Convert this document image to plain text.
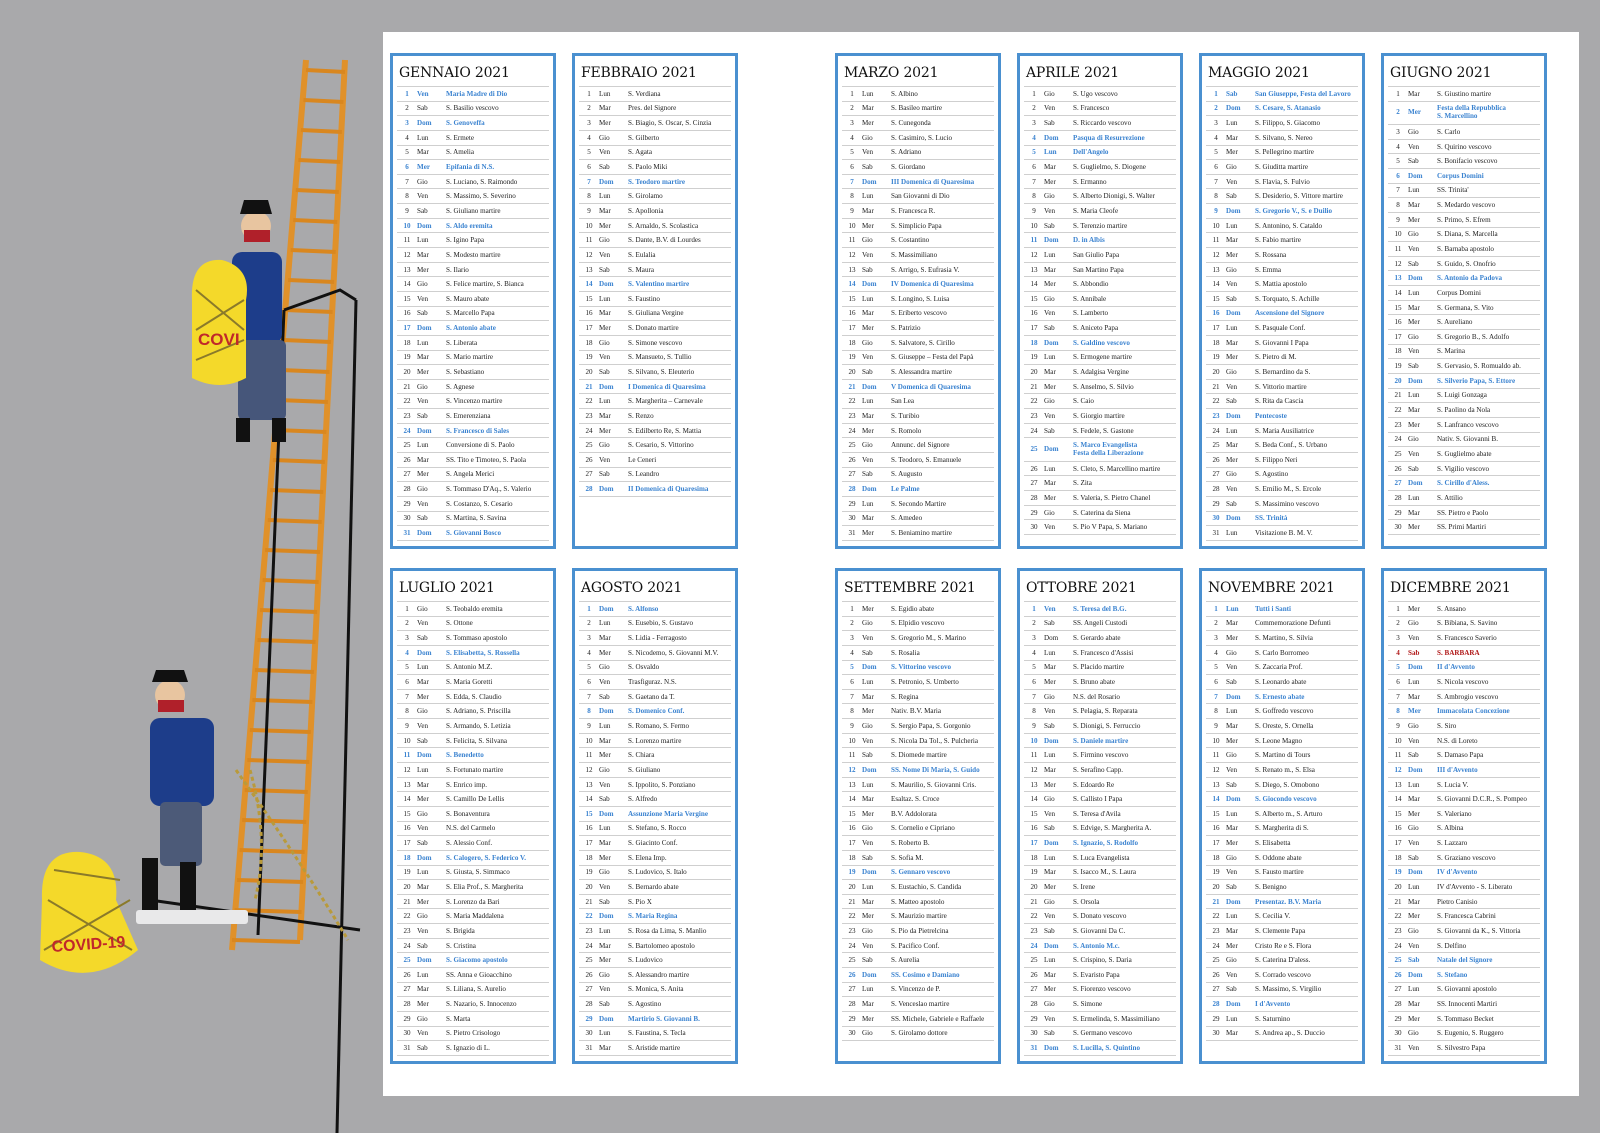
COVI
COVID-19
GENNAIO 2021
1	Ven	Maria Madre di Dio
2	Sab	S. Basilio vescovo
3	Dom	S. Genoveffa
4	Lun	S. Ermete
5	Mar	S. Amelia
6	Mer	Epifania di N.S.
7	Gio	S. Luciano, S. Raimondo
8	Ven	S. Massimo, S. Severino
9	Sab	S. Giuliano martire
10 Dom	S. Aldo eremita
11 Lun	S. Igino Papa
12 Mar	S. Modesto martire
13 Mer	S. Ilario
14 Gio	S. Felice martire, S. Bianca
15 Ven	S. Mauro abate
16 Sab	S. Marcello Papa
17 Dom	S. Antonio abate
18 Lun	S. Liberata
19 Mar	S. Mario martire
20 Mer	S. Sebastiano
21 Gio	S. Agnese
22 Ven	S. Vincenzo martire
23 Sab	S. Emerenziana
24 Dom	S. Francesco di Sales
25 Lun	Conversione di S. Paolo
26 Mar	SS. Tito e Timoteo, S. Paola
27 Mer	S. Angela Merici
28 Gio	S. Tommaso D'Aq., S. Valerio
29 Ven	S. Costanzo, S. Cesario
30 Sab	S. Martina, S. Savina
31 Dom	S. Giovanni Bosco
FEBBRAIO 2021
1	Lun	S. Verdiana
2	Mar	Pres. del Signore
3	Mer	S. Biagio, S. Oscar, S. Cinzia
4	Gio	S. Gilberto
5	Ven	S. Agata
6	Sab	S. Paolo Miki
7	Dom	S. Teodoro martire
8	Lun	S. Girolamo
9	Mar	S. Apollonia
10 Mer	S. Arnaldo, S. Scolastica
11 Gio	S. Dante, B.V. di Lourdes
12 Ven	S. Eulalia
13 Sab	S. Maura
14 Dom	S. Valentino martire
15 Lun	S. Faustino
16 Mar	S. Giuliana Vergine
17 Mer	S. Donato martire
18 Gio	S. Simone vescovo
19 Ven	S. Mansueto, S. Tullio
20 Sab	S. Silvano, S. Eleuterio
21 Dom	I Domenica di Quaresima
22 Lun	S. Margherita – Carnevale
23 Mar	S. Renzo
24 Mer	S. Edilberto Re, S. Mattia
25 Gio	S. Cesario, S. Vittorino
26 Ven	Le Ceneri
27 Sab	S. Leandro
28 Dom	II Domenica di Quaresima
MARZO 2021
1	Lun	S. Albino
2	Mar	S. Basileo martire
3	Mer	S. Cunegonda
4	Gio	S. Casimiro, S. Lucio
5	Ven	S. Adriano
6	Sab	S. Giordano
7	Dom	III Domenica di Quaresima
8	Lun	San Giovanni di Dio
9	Mar	S. Francesca R.
10 Mer	S. Simplicio Papa
11 Gio	S. Costantino
12 Ven	S. Massimiliano
13 Sab	S. Arrigo, S. Eufrasia V.
14 Dom	IV Domenica di Quaresima
15 Lun	S. Longino, S. Luisa
16 Mar	S. Eriberto vescovo
17 Mer	S. Patrizio
18 Gio	S. Salvatore, S. Cirillo
19 Ven	S. Giuseppe – Festa del Papà
20 Sab	S. Alessandra martire
21 Dom	V Domenica di Quaresima
22 Lun	San Lea
23 Mar	S. Turibio
24 Mer	S. Romolo
25 Gio	Annunc. del Signore
26 Ven	S. Teodoro, S. Emanuele
27 Sab	S. Augusto
28 Dom	Le Palme
29 Lun	S. Secondo Martire
30 Mar	S. Amedeo
31 Mer	S. Beniamino martire
APRILE 2021
1	Gio	S. Ugo vescovo
2	Ven	S. Francesco
3	Sab	S. Riccardo vescovo
4	Dom	Pasqua di Resurrezione
5	Lun	Dell'Angelo
6	Mar	S. Guglielmo, S. Diogene
7	Mer	S. Ermanno
8	Gio	S. Alberto Dionigi, S. Walter
9	Ven	S. Maria Cleofe
10 Sab	S. Terenzio martire
11 Dom	D. in Albis
12 Lun	San Giulio Papa
13 Mar	San Martino Papa
14 Mer	S. Abbondio
15 Gio	S. Annibale
16 Ven	S. Lamberto
17 Sab	S. Aniceto Papa
18 Dom	S. Galdino vescovo
19 Lun	S. Ermogene martire
20 Mar	S. Adalgisa Vergine
21 Mer	S. Anselmo, S. Silvio
22 Gio	S. Caio
23 Ven	S. Giorgio martire
24 Sab	S. Fedele, S. Gastone
25 Dom	S. Marco Evangelista
Festa della Liberazione
26 Lun	S. Cleto, S. Marcellino martire
27 Mar	S. Zita
28 Mer	S. Valeria, S. Pietro Chanel
29 Gio	S. Caterina da Siena
30 Ven	S. Pio V Papa, S. Mariano
MAGGIO 2021
1	Sab	San Giuseppe, Festa del Lavoro
2	Dom	S. Cesare, S. Atanasio
3	Lun	S. Filippo, S. Giacomo
4	Mar	S. Silvano, S. Nereo
5	Mer	S. Pellegrino martire
6	Gio	S. Giuditta martire
7	Ven	S. Flavia, S. Fulvio
8	Sab	S. Desiderio, S. Vittore martire
9	Dom	S. Gregorio V., S. e Duilio
10 Lun	S. Antonino, S. Cataldo
11 Mar	S. Fabio martire
12 Mer	S. Rossana
13 Gio	S. Emma
14 Ven	S. Mattia apostolo
15 Sab	S. Torquato, S. Achille
16 Dom	Ascensione del Signore
17 Lun	S. Pasquale Conf.
18 Mar	S. Giovanni I Papa
19 Mer	S. Pietro di M.
20 Gio	S. Bernardino da S.
21 Ven	S. Vittorio martire
22 Sab	S. Rita da Cascia
23 Dom	Pentecoste
24 Lun	S. Maria Ausiliatrice
25 Mar	S. Beda Conf., S. Urbano
26 Mer	S. Filippo Neri
27 Gio	S. Agostino
28 Ven	S. Emilio M., S. Ercole
29 Sab	S. Massimino vescovo
30 Dom	SS. Trinità
31 Lun	Visitazione B. M. V.
GIUGNO 2021
1	Mar	S. Giustino martire
2	Mer	Festa della Repubblica
S. Marcellino
3	Gio	S. Carlo
4	Ven	S. Quirino vescovo
5	Sab	S. Bonifacio vescovo
6	Dom	Corpus Domini
7	Lun	SS. Trinita'
8	Mar	S. Medardo vescovo
9	Mer	S. Primo, S. Efrem
10 Gio	S. Diana, S. Marcella
11 Ven	S. Barnaba apostolo
12 Sab	S. Guido, S. Onofrio
13 Dom	S. Antonio da Padova
14 Lun	Corpus Domini
15 Mar	S. Germana, S. Vito
16 Mer	S. Aureliano
17 Gio	S. Gregorio B., S. Adolfo
18 Ven	S. Marina
19 Sab	S. Gervasio, S. Romualdo ab.
20 Dom	S. Silverio Papa, S. Ettore
21 Lun	S. Luigi Gonzaga
22 Mar	S. Paolino da Nola
23 Mer	S. Lanfranco vescovo
24 Gio	Nativ. S. Giovanni B.
25 Ven	S. Guglielmo abate
26 Sab	S. Vigilio vescovo
27 Dom	S. Cirillo d'Aless.
28 Lun	S. Attilio
29 Mar	SS. Pietro e Paolo
30 Mer	SS. Primi Martiri
LUGLIO 2021
1	Gio	S. Teobaldo eremita
2	Ven	S. Ottone
3	Sab	S. Tommaso apostolo
4	Dom	S. Elisabetta, S. Rossella
5	Lun	S. Antonio M.Z.
6	Mar	S. Maria Goretti
7	Mer	S. Edda, S. Claudio
8	Gio	S. Adriano, S. Priscilla
9	Ven	S. Armando, S. Letizia
10 Sab	S. Felicita, S. Silvana
11 Dom	S. Benedetto
12 Lun	S. Fortunato martire
13 Mar	S. Enrico imp.
14 Mer	S. Camillo De Lellis
15 Gio	S. Bonaventura
16 Ven	N.S. del Carmelo
17 Sab	S. Alessio Conf.
18 Dom	S. Calogero, S. Federico V.
19 Lun	S. Giusta, S. Simmaco
20 Mar	S. Elia Prof., S. Margherita
21 Mer	S. Lorenzo da Bari
22 Gio	S. Maria Maddalena
23 Ven	S. Brigida
24 Sab	S. Cristina
25 Dom	S. Giacomo apostolo
26 Lun	SS. Anna e Gioacchino
27 Mar	S. Liliana, S. Aurelio
28 Mer	S. Nazario, S. Innocenzo
29 Gio	S. Marta
30 Ven	S. Pietro Crisologo
31 Sab	S. Ignazio di L.
AGOSTO 2021
1	Dom	S. Alfonso
2	Lun	S. Eusebio, S. Gustavo
3	Mar	S. Lidia - Ferragosto
4	Mer	S. Nicodemo, S. Giovanni M.V.
5	Gio	S. Osvaldo
6	Ven	Trasfiguraz. N.S.
7	Sab	S. Gaetano da T.
8	Dom	S. Domenico Conf.
9	Lun	S. Romano, S. Fermo
10 Mar	S. Lorenzo martire
11 Mer	S. Chiara
12 Gio	S. Giuliano
13 Ven	S. Ippolito, S. Ponziano
14 Sab	S. Alfredo
15 Dom	Assunzione Maria Vergine
16 Lun	S. Stefano, S. Rocco
17 Mar	S. Giacinto Conf.
18 Mer	S. Elena Imp.
19 Gio	S. Ludovico, S. Italo
20 Ven	S. Bernardo abate
21 Sab	S. Pio X
22 Dom	S. Maria Regina
23 Lun	S. Rosa da Lima, S. Manlio
24 Mar	S. Bartolomeo apostolo
25 Mer	S. Ludovico
26 Gio	S. Alessandro martire
27 Ven	S. Monica, S. Anita
28 Sab	S. Agostino
29 Dom	Martirio S. Giovanni B.
30 Lun	S. Faustina, S. Tecla
31 Mar	S. Aristide martire
SETTEMBRE 2021
1	Mer	S. Egidio abate
2	Gio	S. Elpidio vescovo
3	Ven	S. Gregorio M., S. Marino
4	Sab	S. Rosalia
5	Dom	S. Vittorino vescovo
6	Lun	S. Petronio, S. Umberto
7	Mar	S. Regina
8	Mer	Nativ. B.V. Maria
9	Gio	S. Sergio Papa, S. Gorgonio
10 Ven	S. Nicola Da Tol., S. Pulcheria
11 Sab	S. Diomede martire
12 Dom	SS. Nome Di Maria, S. Guido
13 Lun	S. Maurilio, S. Giovanni Cris.
14 Mar	Esaltaz. S. Croce
15 Mer	B.V. Addolorata
16 Gio	S. Cornelio e Cipriano
17 Ven	S. Roberto B.
18 Sab	S. Sofia M.
19 Dom	S. Gennaro vescovo
20 Lun	S. Eustachio, S. Candida
21 Mar	S. Matteo apostolo
22 Mer	S. Maurizio martire
23 Gio	S. Pio da Pietrelcina
24 Ven	S. Pacifico Conf.
25 Sab	S. Aurelia
26 Dom	SS. Cosimo e Damiano
27 Lun	S. Vincenzo de P.
28 Mar	S. Venceslao martire
29 Mer	SS. Michele, Gabriele e Raffaele
30 Gio	S. Girolamo dottore
OTTOBRE 2021
1	Ven	S. Teresa del B.G.
2	Sab	SS. Angeli Custodi
3	Dom	S. Gerardo abate
4	Lun	S. Francesco d'Assisi
5	Mar	S. Placido martire
6	Mer	S. Bruno abate
7	Gio	N.S. del Rosario
8	Ven	S. Pelagia, S. Reparata
9	Sab	S. Dionigi, S. Ferruccio
10 Dom	S. Daniele martire
11 Lun	S. Firmino vescovo
12 Mar	S. Serafino Capp.
13 Mer	S. Edoardo Re
14 Gio	S. Callisto I Papa
15 Ven	S. Teresa d'Avila
16 Sab	S. Edvige, S. Margherita A.
17 Dom	S. Ignazio, S. Rodolfo
18 Lun	S. Luca Evangelista
19 Mar	S. Isacco M., S. Laura
20 Mer	S. Irene
21 Gio	S. Orsola
22 Ven	S. Donato vescovo
23 Sab	S. Giovanni Da C.
24 Dom	S. Antonio M.c.
25 Lun	S. Crispino, S. Daria
26 Mar	S. Evaristo Papa
27 Mer	S. Fiorenzo vescovo
28 Gio	S. Simone
29 Ven	S. Ermelinda, S. Massimiliano
30 Sab	S. Germano vescovo
31 Dom	S. Lucilla, S. Quintino
NOVEMBRE 2021
1	Lun	Tutti i Santi
2	Mar	Commemorazione Defunti
3	Mer	S. Martino, S. Silvia
4	Gio	S. Carlo Borromeo
5	Ven	S. Zaccaria Prof.
6	Sab	S. Leonardo abate
7	Dom	S. Ernesto abate
8	Lun	S. Goffredo vescovo
9	Mar	S. Oreste, S. Ornella
10 Mer	S. Leone Magno
11 Gio	S. Martino di Tours
12 Ven	S. Renato m., S. Elsa
13 Sab	S. Diego, S. Omobono
14 Dom	S. Giocondo vescovo
15 Lun	S. Alberto m., S. Arturo
16 Mar	S. Margherita di S.
17 Mer	S. Elisabetta
18 Gio	S. Oddone abate
19 Ven	S. Fausto martire
20 Sab	S. Benigno
21 Dom	Presentaz. B.V. Maria
22 Lun	S. Cecilia V.
23 Mar	S. Clemente Papa
24 Mer	Cristo Re e S. Flora
25 Gio	S. Caterina D'aless.
26 Ven	S. Corrado vescovo
27 Sab	S. Massimo, S. Virgilio
28 Dom	I d'Avvento
29 Lun	S. Saturnino
30 Mar	S. Andrea ap., S. Duccio
DICEMBRE 2021
1	Mer	S. Ansano
2	Gio	S. Bibiana, S. Savino
3	Ven	S. Francesco Saverio
4	Sab	S. BARBARA
5	Dom	II d'Avvento
6	Lun	S. Nicola vescovo
7	Mar	S. Ambrogio vescovo
8	Mer	Immacolata Concezione
9	Gio	S. Siro
10 Ven	N.S. di Loreto
11 Sab	S. Damaso Papa
12 Dom	III d'Avvento
13 Lun	S. Lucia V.
14 Mar	S. Giovanni D.C.R., S. Pompeo
15 Mer	S. Valeriano
16 Gio	S. Albina
17 Ven	S. Lazzaro
18 Sab	S. Graziano vescovo
19 Dom	IV d'Avvento
20 Lun	IV d'Avvento - S. Liberato
21 Mar	Pietro Canisio
22 Mer	S. Francesca Cabrini
23 Gio	S. Giovanni da K., S. Vittoria
24 Ven	S. Delfino
25 Sab	Natale del Signore
26 Dom	S. Stefano
27 Lun	S. Giovanni apostolo
28 Mar	SS. Innocenti Martiri
29 Mer	S. Tommaso Becket
30 Gio	S. Eugenio, S. Ruggero
31 Ven	S. Silvestro Papa
